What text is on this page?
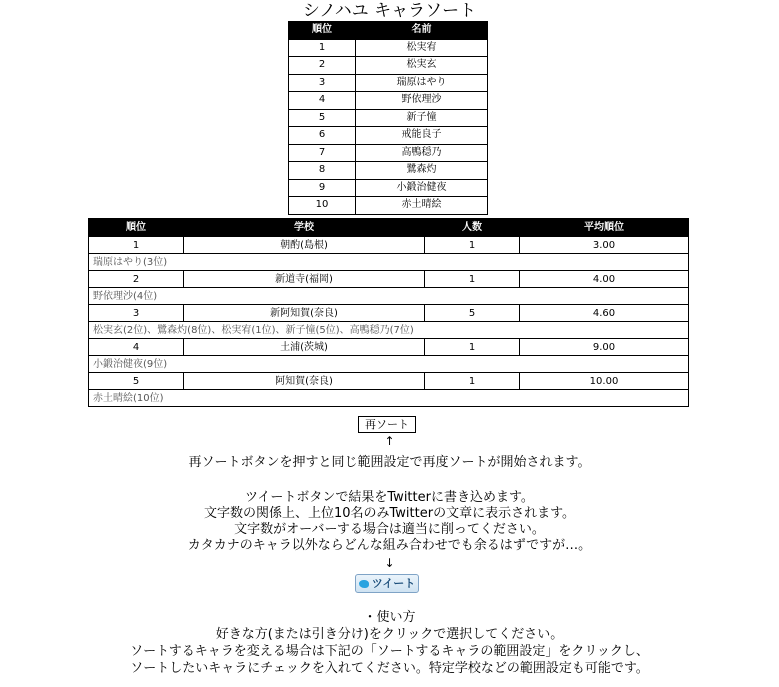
シノハユ キャラソート
順位	名前
1	松実宥
2	松実玄
3	瑞原はやり
4	野依理沙
5	新子憧
6	戒能良子
7	高鴨穏乃
8	鷺森灼
9	小鍛治健夜
10	赤土晴絵
順位	学校	人数	平均順位
1	朝酌(島根)	1	3.00
瑞原はやり(3位)			
2	新道寺(福岡)	1	4.00
野依理沙(4位)			
3	新阿知賀(奈良)	5	4.60
松実玄(2位)、鷺森灼(8位)、松実宥(1位)、新子憧(5位)、高鴨穏乃(7位)			
4	土浦(茨城)	1	9.00
小鍛治健夜(9位)			
5	阿知賀(奈良)	1	10.00
赤土晴絵(10位)			
再ソート
↑
再ソートボタンを押すと同じ範囲設定で再度ソートが開始されます。
ツイートボタンで結果をTwitterに書き込めます。
文字数の関係上、上位10名のみTwitterの文章に表示されます。
文字数がオーバーする場合は適当に削ってください。
カタカナのキャラ以外ならどんな組み合わせでも余るはずですが…。
↓
ツイート
・使い方
好きな方(または引き分け)をクリックで選択してください。
ソートするキャラを変える場合は下記の「ソートするキャラの範囲設定」をクリックし、
ソートしたいキャラにチェックを入れてください。特定学校などの範囲設定も可能です。
